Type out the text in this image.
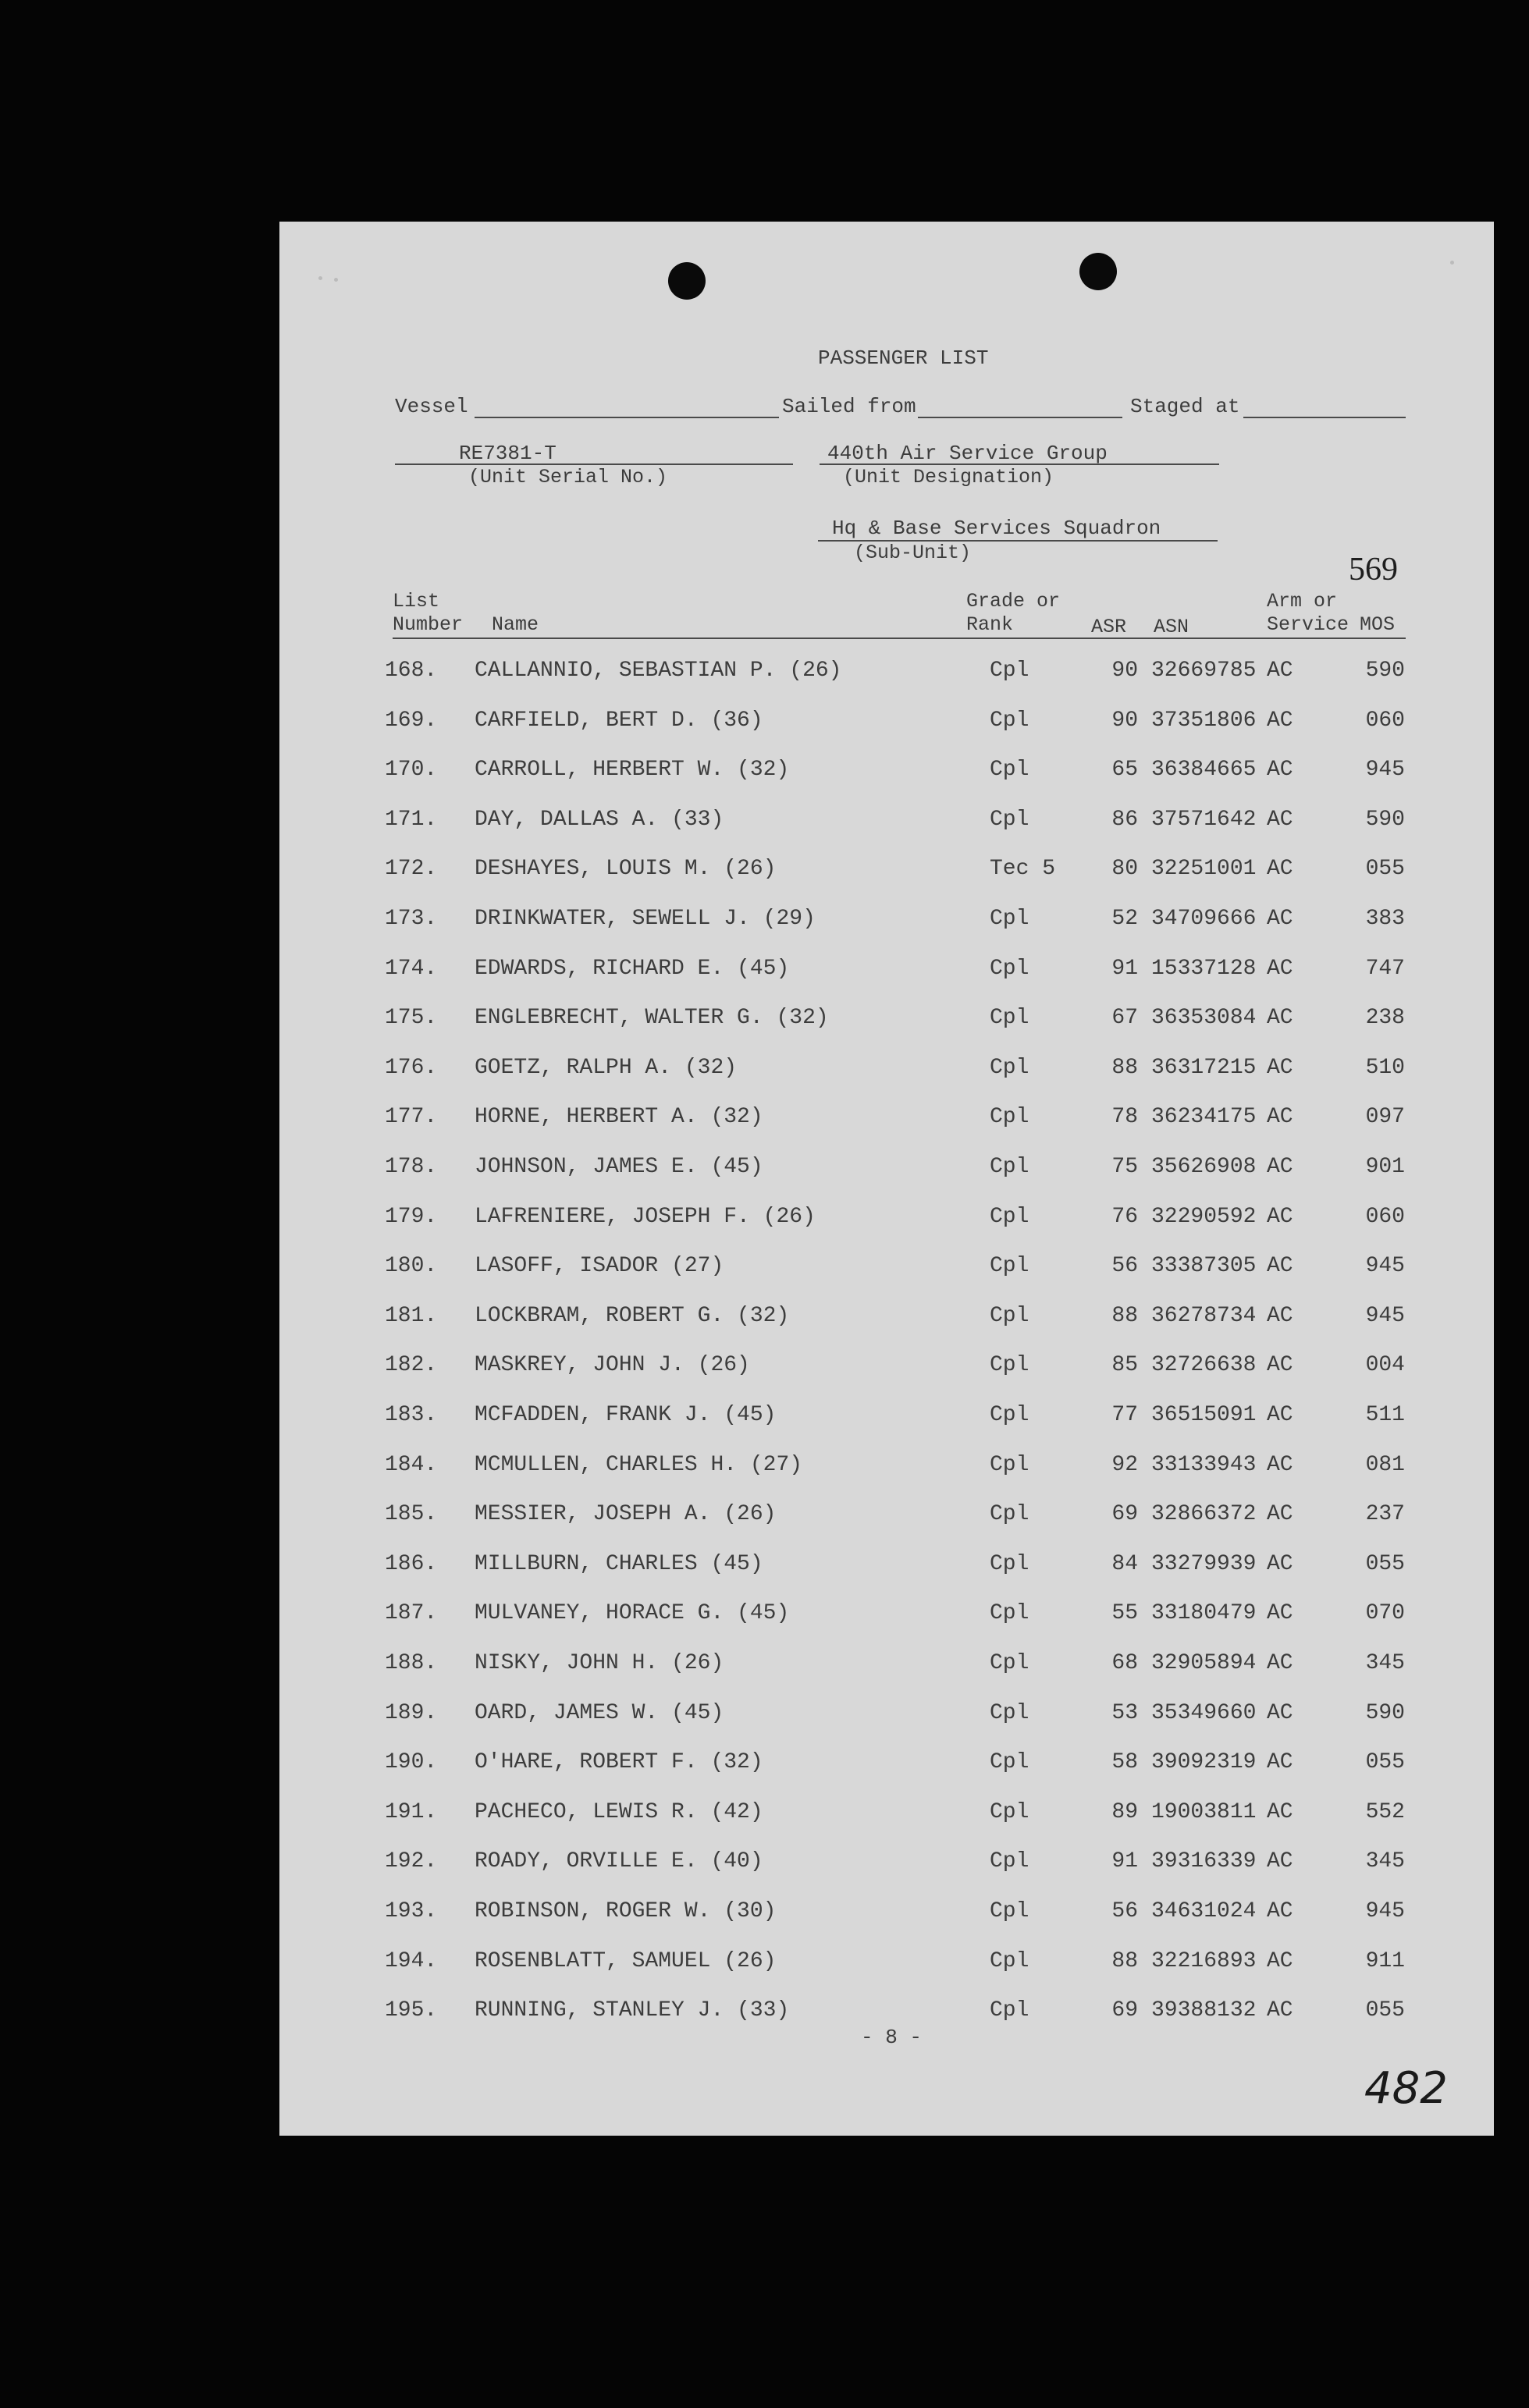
PASSENGER LIST
Vessel	Sailed from	Staged at
RE7381-T
(Unit Serial No.)
440th Air Service Group
(Unit Designation)
Hq & Base Services Squadron
(Sub-Unit)	569
List
Number Name
Grade or
Rank	ASR ASN
Arm or
Service MOS
168. CALLANNIO, SEBASTIAN P. (26)	Cpl	90 32669785 AC	590
169. CARFIELD, BERT D. (36)	Cpl	90 37351806 AC	060
170. CARROLL, HERBERT W. (32)	Cpl	65 36384665 AC	945
171. DAY, DALLAS A. (33)	Cpl	86 37571642 AC	590
172. DESHAYES, LOUIS M. (26)	Tec 5	80 32251001 AC	055
173. DRINKWATER, SEWELL J. (29)	Cpl	52 34709666 AC	383
174. EDWARDS, RICHARD E. (45)	Cpl	91 15337128 AC	747
175. ENGLEBRECHT, WALTER G. (32)	Cpl	67 36353084 AC	238
176. GOETZ, RALPH A. (32)	Cpl	88 36317215 AC	510
177. HORNE, HERBERT A. (32)	Cpl	78 36234175 AC	097
178. JOHNSON, JAMES E. (45)	Cpl	75 35626908 AC	901
179. LAFRENIERE, JOSEPH F. (26)	Cpl	76 32290592 AC	060
180. LASOFF, ISADOR (27)	Cpl	56 33387305 AC	945
181. LOCKBRAM, ROBERT G. (32)	Cpl	88 36278734 AC	945
182. MASKREY, JOHN J. (26)	Cpl	85 32726638 AC	004
183. MCFADDEN, FRANK J. (45)	Cpl	77 36515091 AC	511
184. MCMULLEN, CHARLES H. (27)	Cpl	92 33133943 AC	081
185. MESSIER, JOSEPH A. (26)	Cpl	69 32866372 AC	237
186. MILLBURN, CHARLES (45)	Cpl	84 33279939 AC	055
187. MULVANEY, HORACE G. (45)	Cpl	55 33180479 AC	070
188. NISKY, JOHN H. (26)	Cpl	68 32905894 AC	345
189. OARD, JAMES W. (45)	Cpl	53 35349660 AC	590
190. O'HARE, ROBERT F. (32)	Cpl	58 39092319 AC	055
191. PACHECO, LEWIS R. (42)	Cpl	89 19003811 AC	552
192. ROADY, ORVILLE E. (40)	Cpl	91 39316339 AC	345
193. ROBINSON, ROGER W. (30)	Cpl	56 34631024 AC	945
194. ROSENBLATT, SAMUEL (26)	Cpl	88 32216893 AC	911
195. RUNNING, STANLEY J. (33)	Cpl	69 39388132 AC	055
- 8 -
482
